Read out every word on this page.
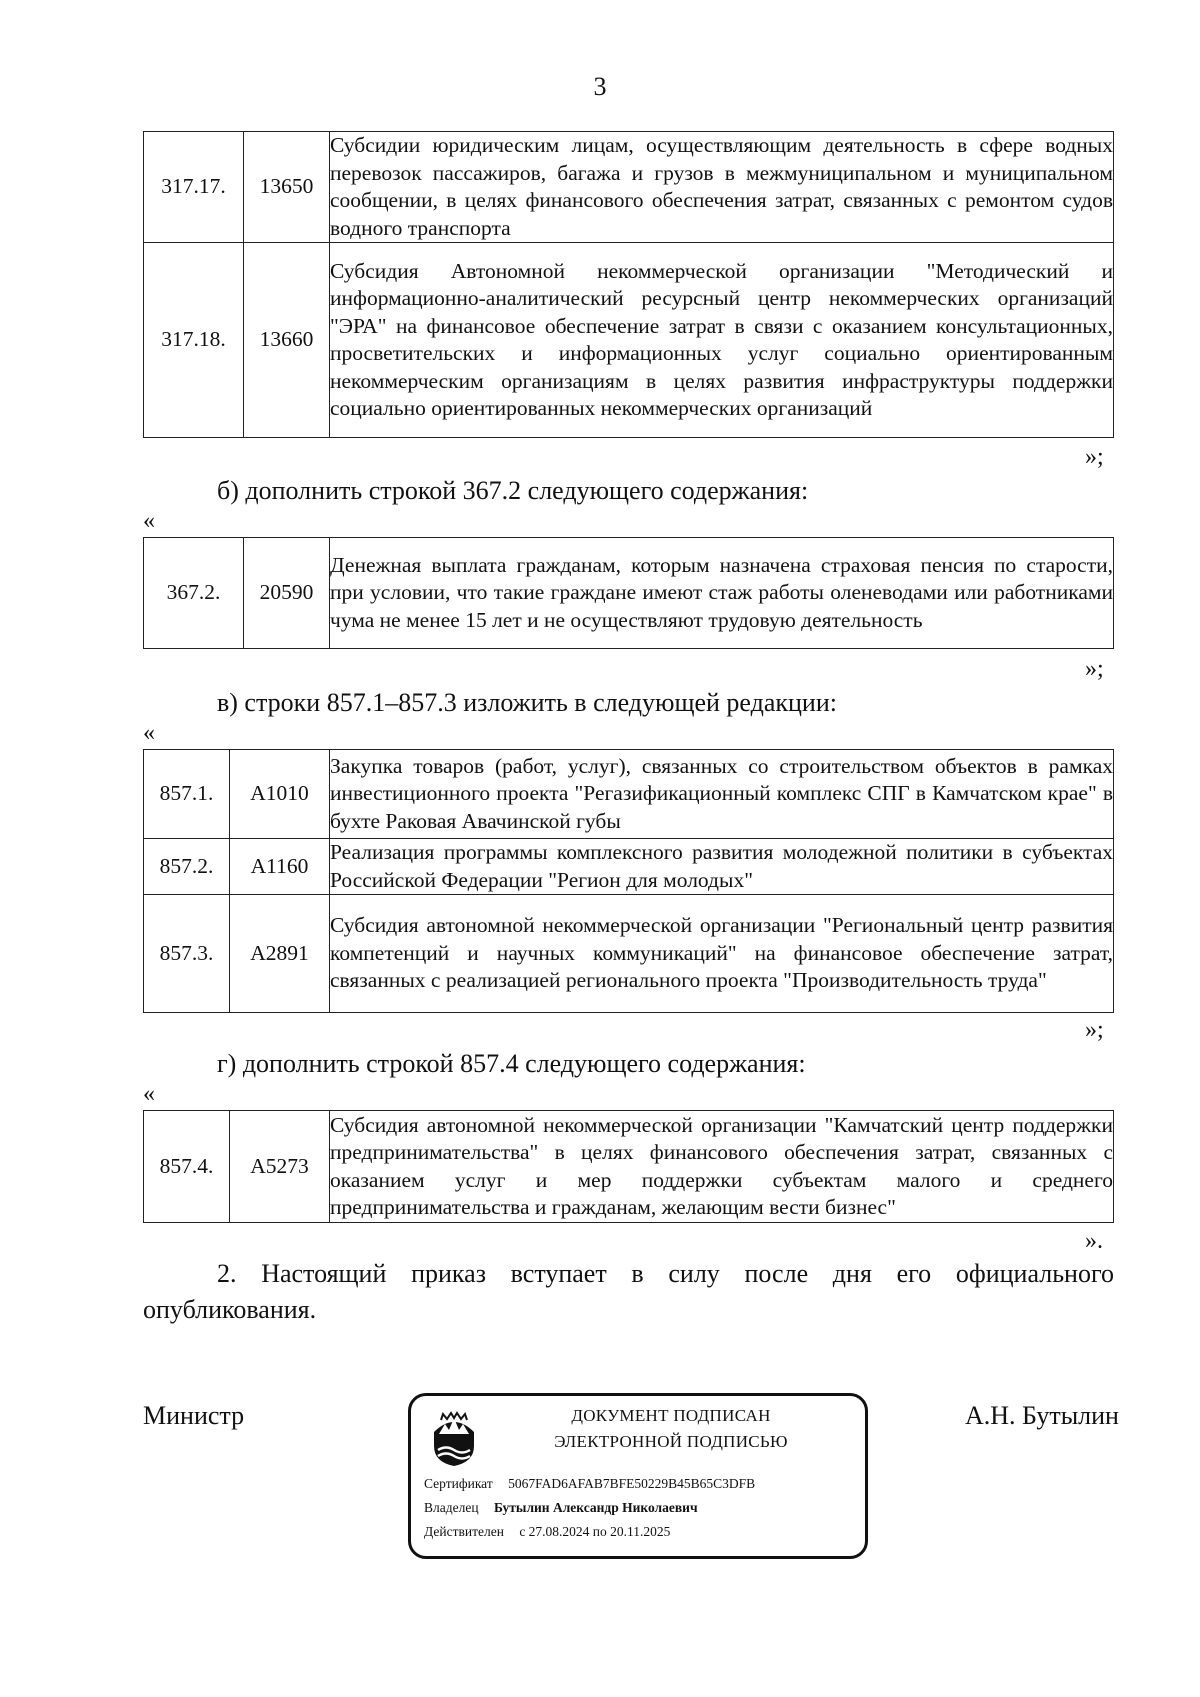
3
317.17.	13650	Субсидии юридическим лицам, осуществляющим деятельность в сфере водных перевозок пассажиров, багажа и грузов в межмуниципальном и муниципальном сообщении, в целях финансового обеспечения затрат, связанных с ремонтом судов водного транспорта
317.18.	13660	Субсидия Автономной некоммерческой организации "Методический и информационно-аналитический ресурсный центр некоммерческих организаций "ЭРА" на финансовое обеспечение затрат в связи с оказанием консультационных, просветительских и информационных услуг социально ориентированным некоммерческим организациям в целях развития инфраструктуры поддержки социально ориентированных некоммерческих организаций
»;
б) дополнить строкой 367.2 следующего содержания:
«
367.2.	20590	Денежная выплата гражданам, которым назначена страховая пенсия по старости, при условии, что такие граждане имеют стаж работы оленеводами или работниками чума не менее 15 лет и не осуществляют трудовую деятельность
»;
в) строки 857.1–857.3 изложить в следующей редакции:
«
857.1.	А1010	Закупка товаров (работ, услуг), связанных со строительством объектов в рамках инвестиционного проекта "Регазификационный комплекс СПГ в Камчатском крае" в бухте Раковая Авачинской губы
857.2.	А1160	Реализация программы комплексного развития молодежной политики в субъектах Российской Федерации "Регион для молодых"
857.3.	А2891	Субсидия автономной некоммерческой организации "Региональный центр развития компетенций и научных коммуникаций" на финансовое обеспечение затрат, связанных с реализацией регионального проекта "Производительность труда"
»;
г) дополнить строкой 857.4 следующего содержания:
«
857.4.	А5273	Субсидия автономной некоммерческой организации "Камчатский центр поддержки предпринимательства" в целях финансового обеспечения затрат, связанных с оказанием услуг и мер поддержки субъектам малого и среднего предпринимательства и гражданам, желающим вести бизнес"
».
2. Настоящий приказ вступает в силу после дня его официального опубликования.
Министр	А.Н. Бутылин
ДОКУМЕНТ ПОДПИСАН
ЭЛЕКТРОННОЙ ПОДПИСЬЮ
Сертификат 5067FAD6AFAB7BFE50229B45B65C3DFB
Владелец Бутылин Александр Николаевич
Действителен с 27.08.2024 по 20.11.2025
